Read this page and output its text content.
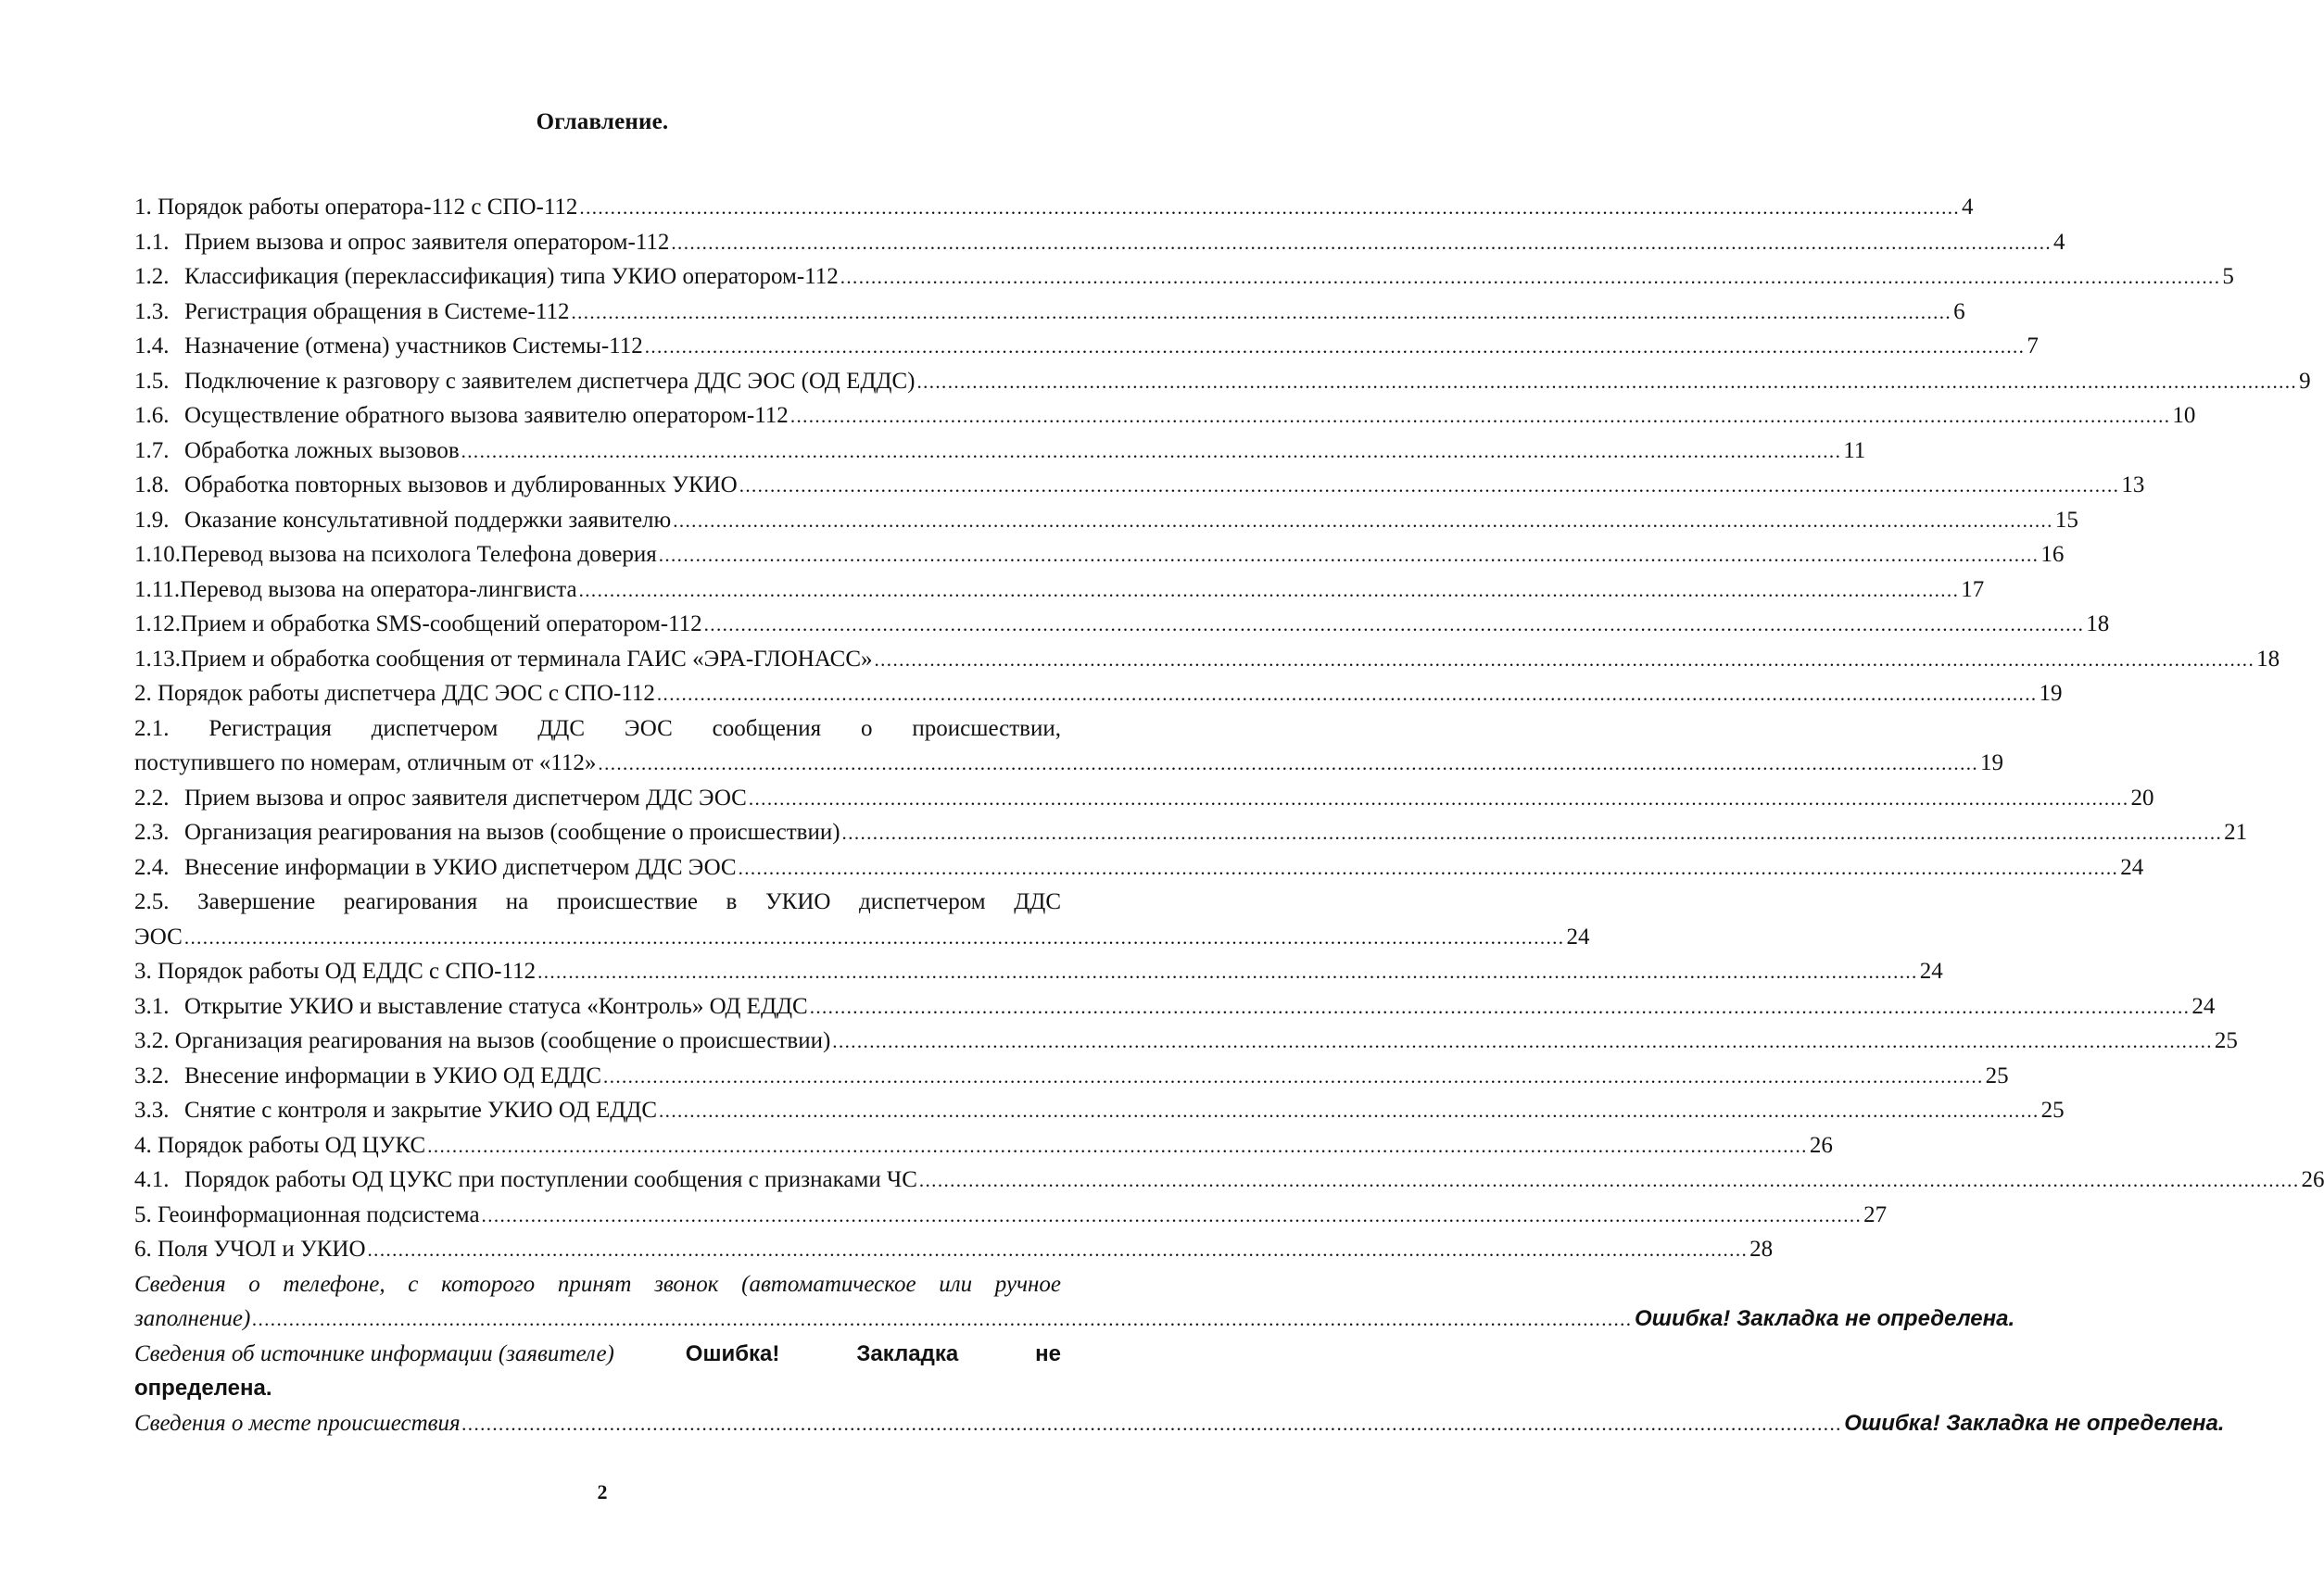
Оглавление.
1. Порядок работы оператора-112 с СПО-112 .....	4
1.1. Прием вызова и опрос заявителя оператором-112 .....	4
1.2. Классификация (переклассификация) типа УКИО оператором-112 .....	5
1.3. Регистрация обращения в Системе-112 .....	6
1.4. Назначение (отмена) участников Системы-112 .....	7
1.5. Подключение к разговору с заявителем диспетчера ДДС ЭОС (ОД ЕДДС) .....	9
1.6. Осуществление обратного вызова заявителю оператором-112 .....	10
1.7. Обработка ложных вызовов .....	11
1.8. Обработка повторных вызовов и дублированных УКИО .....	13
1.9. Оказание консультативной поддержки заявителю .....	15
1.10. Перевод вызова на психолога Телефона доверия .....	16
1.11. Перевод вызова на оператора-лингвиста .....	17
1.12. Прием и обработка SMS-сообщений оператором-112 .....	18
1.13. Прием и обработка сообщения от терминала ГАИС «ЭРА-ГЛОНАСС» .....	18
2. Порядок работы диспетчера ДДС ЭОС с СПО-112 .....	19
2.1. Регистрация диспетчером ДДС ЭОС сообщения о происшествии,
поступившего по номерам, отличным от «112» .....	19
2.2. Прием вызова и опрос заявителя диспетчером ДДС ЭОС .....	20
2.3. Организация реагирования на вызов (сообщение о происшествии) .....	21
2.4. Внесение информации в УКИО диспетчером ДДС ЭОС .....	24
2.5. Завершение реагирования на происшествие в УКИО диспетчером ДДС
ЭОС .....	24
3. Порядок работы ОД ЕДДС с СПО-112 .....	24
3.1. Открытие УКИО и выставление статуса «Контроль» ОД ЕДДС .....	24
3.2. Организация реагирования на вызов (сообщение о происшествии) .....	25
3.2. Внесение информации в УКИО ОД ЕДДС .....	25
3.3. Снятие с контроля и закрытие УКИО ОД ЕДДС .....	25
4. Порядок работы ОД ЦУКС .....	26
4.1. Порядок работы ОД ЦУКС при поступлении сообщения с признаками ЧС .....	26
5. Геоинформационная подсистема .....	27
6. Поля УЧОЛ и УКИО .....	28
Сведения о телефоне, с которого принят звонок (автоматическое или ручное
заполнение) .....	Ошибка! Закладка не определена.
Сведения об источнике информации (заявителе)	Ошибка!	Закладка	не
определена.
Сведения о месте происшествия .....	Ошибка! Закладка не определена.
2
